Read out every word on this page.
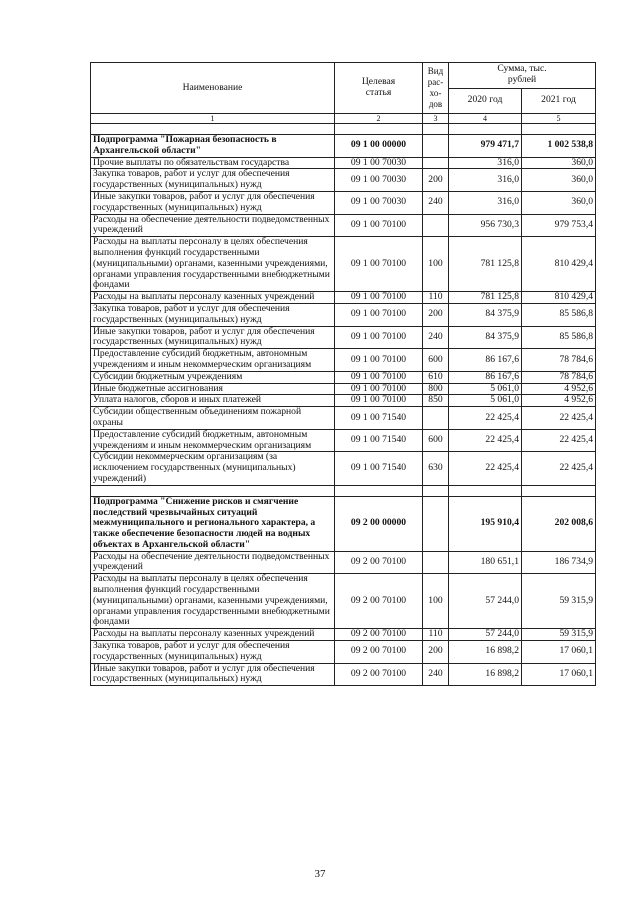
Наименование	Целевая статья	Вид рас-хо-дов	Сумма, тыс. рублей	
			2020 год	2021 год
1	2	3	4	5

Подпрограмма "Пожарная безопасность в Архангельской области"	09 1 00 00000		979 471,7	1 002 538,8
Прочие выплаты по обязательствам государства	09 1 00 70030		316,0	360,0
Закупка товаров, работ и услуг для обеспечения государственных (муниципальных) нужд	09 1 00 70030	200	316,0	360,0
Иные закупки товаров, работ и услуг для обеспечения государственных (муниципальных) нужд	09 1 00 70030	240	316,0	360,0
Расходы на обеспечение деятельности подведомственных учреждений	09 1 00 70100		956 730,3	979 753,4
Расходы на выплаты персоналу в целях обеспечения выполнения функций государственными (муниципальными) органами, казенными учреждениями, органами управления государственными внебюджетными фондами	09 1 00 70100	100	781 125,8	810 429,4
Расходы на выплаты персоналу казенных учреждений	09 1 00 70100	110	781 125,8	810 429,4
Закупка товаров, работ и услуг для обеспечения государственных (муниципальных) нужд	09 1 00 70100	200	84 375,9	85 586,8
Иные закупки товаров, работ и услуг для обеспечения государственных (муниципальных) нужд	09 1 00 70100	240	84 375,9	85 586,8
Предоставление субсидий бюджетным, автономным учреждениям и иным некоммерческим организациям	09 1 00 70100	600	86 167,6	78 784,6
Субсидии бюджетным учреждениям	09 1 00 70100	610	86 167,6	78 784,6
Иные бюджетные ассигнования	09 1 00 70100	800	5 061,0	4 952,6
Уплата налогов, сборов и иных платежей	09 1 00 70100	850	5 061,0	4 952,6
Субсидии общественным объединениям пожарной охраны	09 1 00 71540		22 425,4	22 425,4
Предоставление субсидий бюджетным, автономным учреждениям и иным некоммерческим организациям	09 1 00 71540	600	22 425,4	22 425,4
Субсидии некоммерческим организациям (за исключением государственных (муниципальных) учреждений)	09 1 00 71540	630	22 425,4	22 425,4

Подпрограмма "Снижение рисков и смягчение последствий чрезвычайных ситуаций межмуниципального и регионального характера, а также обеспечение безопасности людей на водных объектах в Архангельской области"	09 2 00 00000		195 910,4	202 008,6
Расходы на обеспечение деятельности подведомственных учреждений	09 2 00 70100		180 651,1	186 734,9
Расходы на выплаты персоналу в целях обеспечения выполнения функций государственными (муниципальными) органами, казенными учреждениями, органами управления государственными внебюджетными фондами	09 2 00 70100	100	57 244,0	59 315,9
Расходы на выплаты персоналу казенных учреждений	09 2 00 70100	110	57 244,0	59 315,9
Закупка товаров, работ и услуг для обеспечения государственных (муниципальных) нужд	09 2 00 70100	200	16 898,2	17 060,1
Иные закупки товаров, работ и услуг для обеспечения государственных (муниципальных) нужд	09 2 00 70100	240	16 898,2	17 060,1
37
